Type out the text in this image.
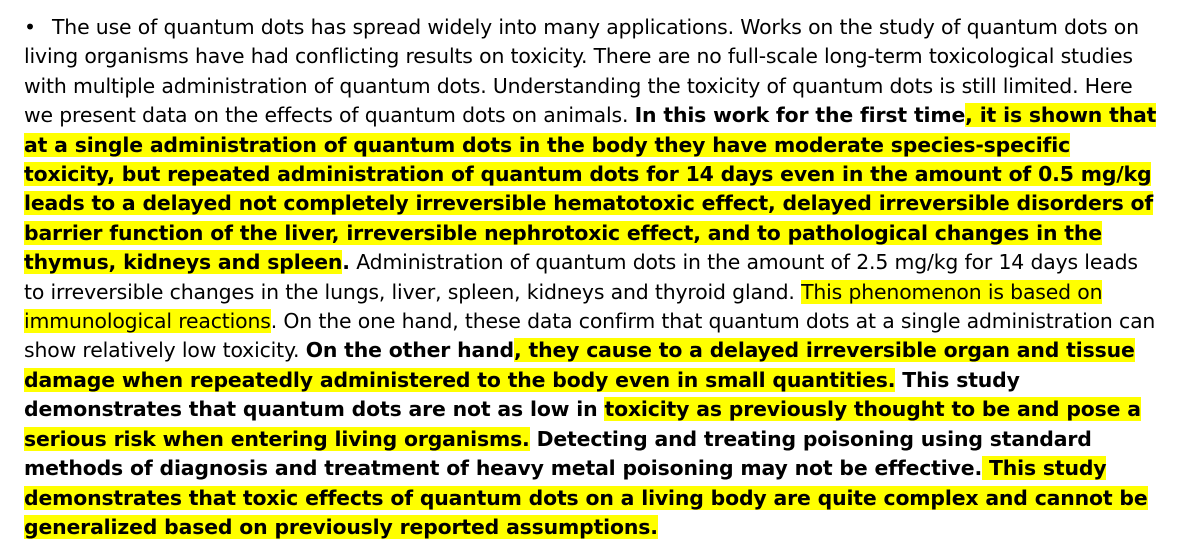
• The use of quantum dots has spread widely into many applications. Works on the study of quantum dots on living organisms have had conflicting results on toxicity. There are no full-scale long-term toxicological studies with multiple administration of quantum dots. Understanding the toxicity of quantum dots is still limited. Here we present data on the effects of quantum dots on animals. In this work for the first time, it is shown that at a single administration of quantum dots in the body they have moderate species-specific toxicity, but repeated administration of quantum dots for 14 days even in the amount of 0.5 mg/kg leads to a delayed not completely irreversible hematotoxic effect, delayed irreversible disorders of barrier function of the liver, irreversible nephrotoxic effect, and to pathological changes in the thymus, kidneys and spleen. Administration of quantum dots in the amount of 2.5 mg/kg for 14 days leads to irreversible changes in the lungs, liver, spleen, kidneys and thyroid gland. This phenomenon is based on immunological reactions. On the one hand, these data confirm that quantum dots at a single administration can show relatively low toxicity. On the other hand, they cause to a delayed irreversible organ and tissue damage when repeatedly administered to the body even in small quantities. This study demonstrates that quantum dots are not as low in toxicity as previously thought to be and pose a serious risk when entering living organisms. Detecting and treating poisoning using standard methods of diagnosis and treatment of heavy metal poisoning may not be effective. This study demonstrates that toxic effects of quantum dots on a living body are quite complex and cannot be generalized based on previously reported assumptions.
